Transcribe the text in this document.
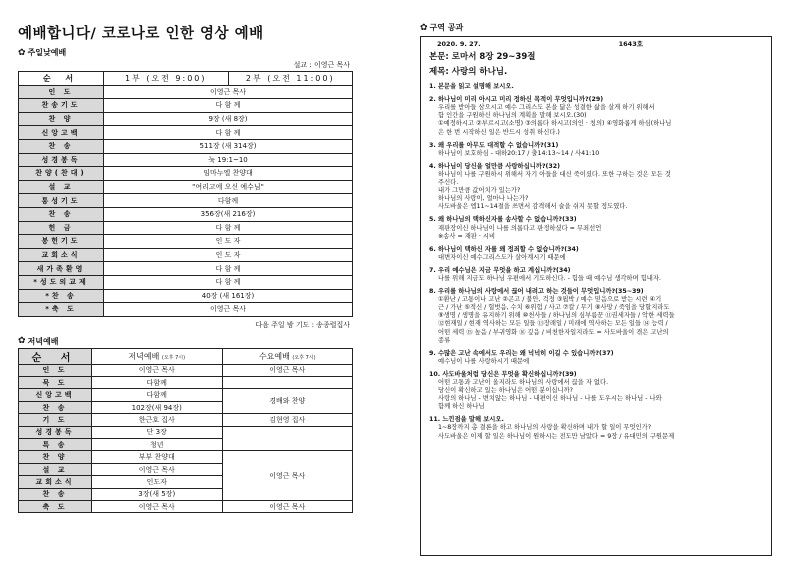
예배합니다/ 코로나로 인한 영상 예배
✿ 주일낮예배
설교 : 이영근 목사
순 서	1부 (오전 9:00)	2부 (오전 11:00)
인 도	이영근 목사	
찬송기도	다 함 께	
찬 양	9장 (새 8장)	
신앙고백	다 함 께	
찬 송	511장 (새 314장)	
성경봉독	눅 19:1~10	
찬양(찬대)	임마누엘 찬양대	
설 교	"여리고에 오신 예수님"	
통성기도	다함께	
찬 송	356장(새 216장)	
헌 금	다 함 께	
봉헌기도	인 도 자	
교회소식	인 도 자	
새가족환영	다 함 께	
*성도의교제	다 함 께	
*찬 송	40장 (새 161장)	
*축 도	이영근 목사	
다음 주일 밤 기도 : 송종렬집사
✿ 저녁예배
순 서	저녁예배 (오후 7시)	수요예배 (오후 7시)
인 도	이영근 목사	이영근 목사
묵 도	다함께	
신앙고백	다함께	경배와 찬양
찬 송	102장(새 94장)	
기 도	한근호 집사	김현영 집사
성경봉독	단 3장	
특 송	청년	
찬 양	부부 찬양대	이영근 목사
설 교	이영근 목사	
교회소식	인도자	
찬 송	3장(새 5장)	
축 도	이영근 목사	이영근 목사
✿ 구역 공과
2020. 9. 27.	1643호
본문: 로마서 8장 29~39절
제목: 사랑의 하나님.
1. 본문을 읽고 설명해 보시오.
2. 하나님이 미리 아시고 미리 정하신 목적이 무엇입니까?(29)
우리를 받아들 삼으시고 예수 그리스도 본을 닮은 성결한 삶을 살게 하기 위해서
함 인간을 구원하신 하나님의 계획을 말해 보시오.(30)
①예정하시고 ②부르시고(소명) ③의롭다 하시고(의인 · 칭의) ④영화롭게 하심(하나님
은 한 번 시작하신 일은 반드시 성취 하신다.)
3. 왜 우리를 아무도 대적할 수 없습니까?(31)
하나님이 보호하심 - 대하20:17 / 출14:13~14 / 사41:10
4. 하나님이 당신을 얼만큼 사랑하십니까?(32)
하나님이 나를 구원하시 위해서 자기 아들을 대신 죽이셨다. 또한 구하는 것은 모든 것
주신다.
내가 그만큼 값어치가 있는가?
하나님의 사랑이, 얼마나 나는가?
사도바울은 엡11~14절을 쓰면서 감격해서 술을 쉬지 못할 정도였다.
5. 왜 하나님의 택하신자를 송사할 수 없습니까?(33)
재판장이신 하나님이 나를 의롭다고 판정하셨다 = 무죄선언
※송사 = 재판 · 시비
6. 하나님이 택하신 자를 왜 정죄할 수 없습니까?(34)
대변자이신 예수그리스도가 살아계시기 때문에
7. 우리 예수님은 지금 무엇을 하고 계십니까?(34)
나를 위해 지금도 하나님 우편에서 기도하신다. - 힘들 때 예수님 생각하며 힘내자.
8. 우리를 하나님의 사랑에서 끊어 내려고 하는 것들이 무엇입니까?(35~39)
①환난 / 고통이나 고난 ②곤고 / 불안, 걱정 ③핍박 / 예수 믿음으로 받는 시련 ④기
근 / 가난 ⑤적신 / 헐벗음, 수치 ⑥위험 / 사고 ⑦칼 / 무기 ⑧사망 / 죽임을 당할지라도
⑨생명 / 생명을 유지하기 위해 ⑩천사들 / 하나님의 심부름꾼 ⑪권세자들 / 악한 세력들
⑫현재일 / 현재 역사하는 모든 일들 ⑬장래일 / 미래에 역사하는 모든 일들 ⑭ 능력 /
어떤 세력 ⑮ 높음 / 부귀영화 ⑯ 깊음 / 비천한자일지라도 = 사도바울이 겪은 고난의
종류
9. 수많은 고난 속에서도 우리는 왜 넉넉히 이길 수 있습니까?(37)
예수님이 나를 사랑하시기 때문에
10. 사도바울처럼 당신은 무엇을 확신하십니까?(39)
어떤 고통과 고난이 올지라도 하나님의 사랑에서 끊을 자 없다.
당신이 확신하고 있는 하나님은 어떤 분이십니까?
사랑의 하나님 - 변치않는 하나님 - 내편이신 하나님 - 나를 도우시는 하나님 - 나와
함께 하신 하나님
11. 느낀점을 말해 보시오.
1~8장까지 총 결론을 하고 하나님의 사랑을 확신하며 내가 할 일이 무엇인가?
사도바울은 이제 할 일은 하나님이 원하시는 전도만 남았다 = 9장 / 유대민의 구원문제
